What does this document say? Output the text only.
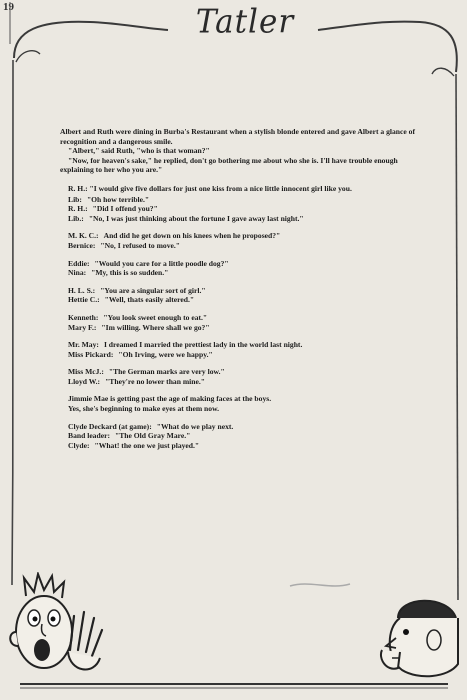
19	Tatler

Albert and Ruth were dining in Burba's Restaurant when a stylish blonde entered and gave Albert a glance of recognition and a dangerous smile.

"Albert," said Ruth, "who is that woman?"

"Now, for heaven's sake," he replied, don't go bothering me about who she is. I'll have trouble enough explaining to her who you are."

R. H.: "I would give five dollars for just one kiss from a nice little innocent girl like you.

Lib: "Oh how terrible."
R. H.: "Did I offend you?"
Lib.: "No, I was just thinking about the fortune I gave away last night."
M. K. C.: And did he get down on his knees when he proposed?"
Bernice: "No, I refused to move."
Eddie: "Would you care for a little poodle dog?"
Nina: "My, this is so sudden."
H. L. S.: "You are a singular sort of girl."
Hettie C.: "Well, thats easily altered."
Kenneth: "You look sweet enough to eat."
Mary F.: "Im willing. Where shall we go?"
Mr. May: I dreamed I married the prettiest lady in the world last night.
Miss Pickard: "Oh Irving, were we happy."
Miss McJ.: "The German marks are very low."
Lloyd W.: "They're no lower than mine."
Jimmie Mae is getting past the age of making faces at the boys.
Yes, she's beginning to make eyes at them now.
Clyde Deckard (at game): "What do we play next.
Band leader: "The Old Gray Mare."
Clyde: "What! the one we just played."
